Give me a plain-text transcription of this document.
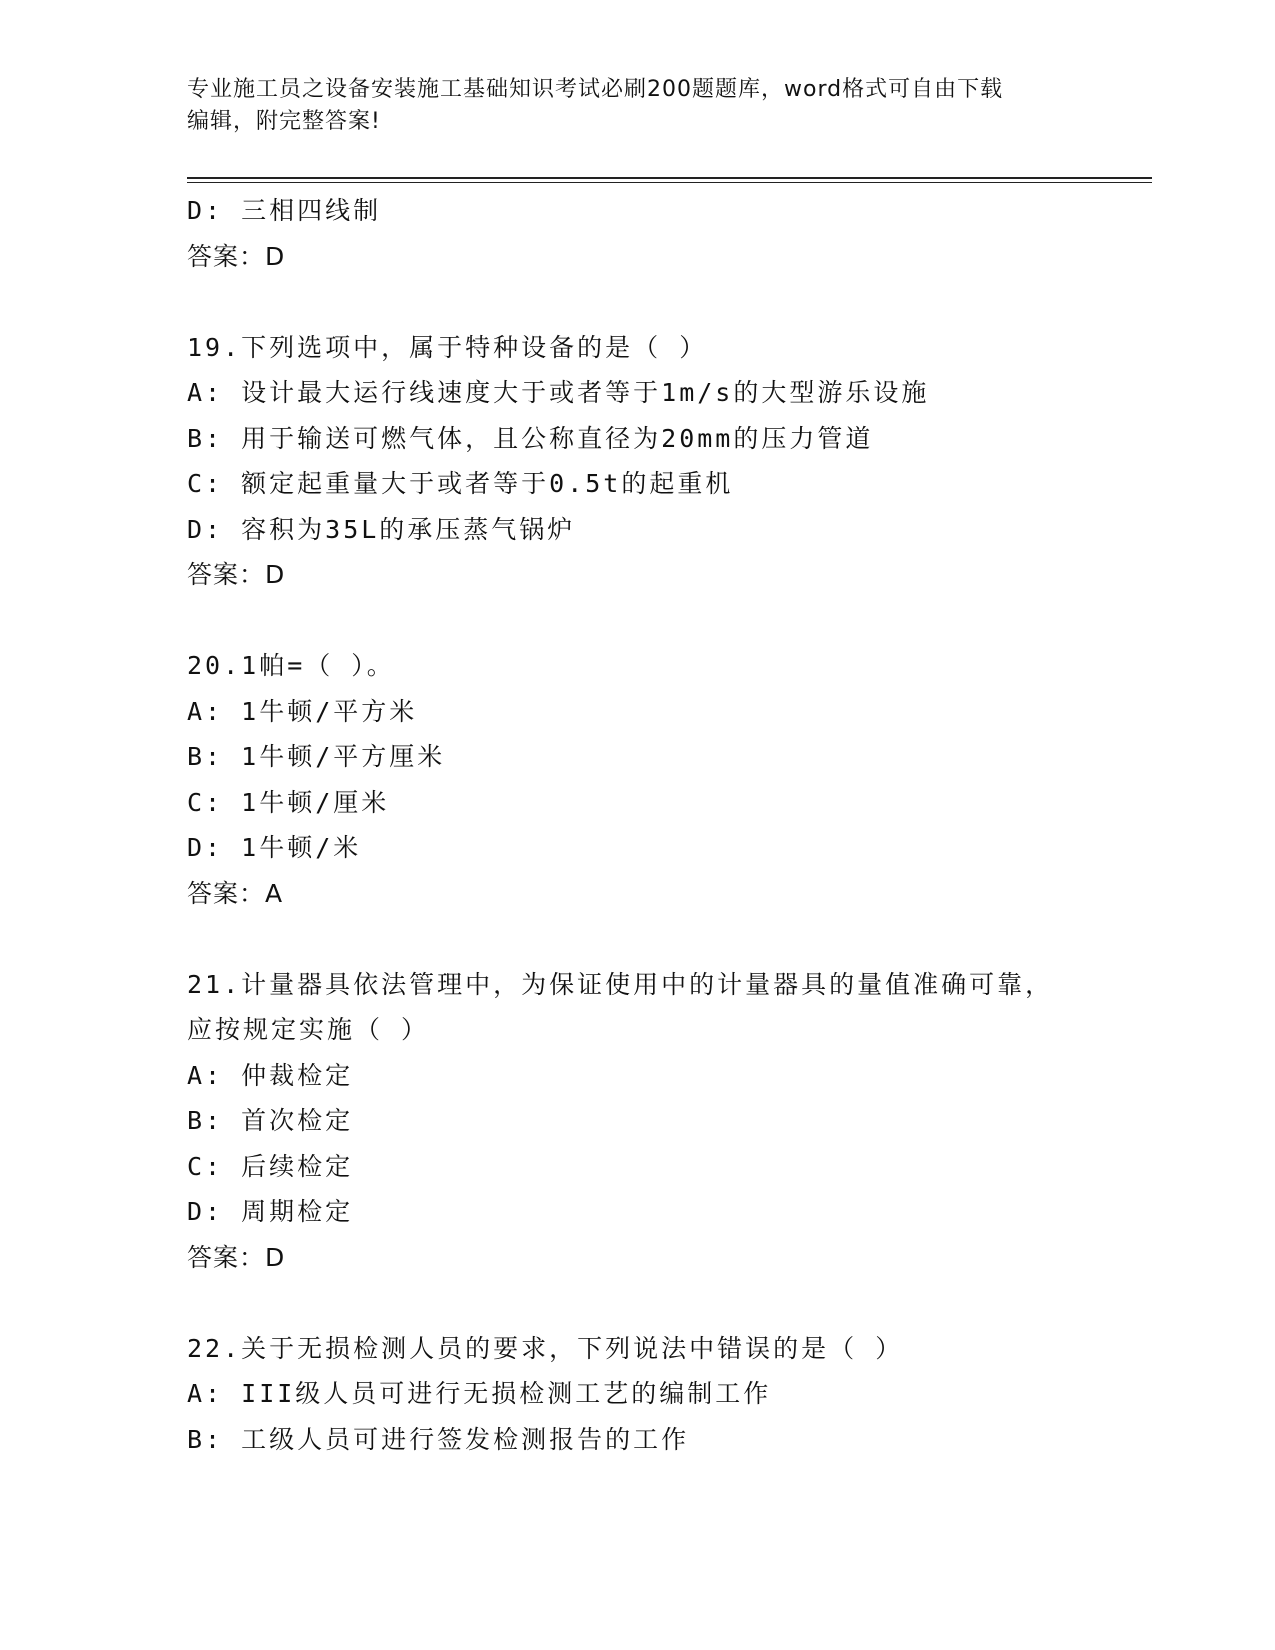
专业施工员之设备安装施工基础知识考试必刷200题题库，word格式可自由下载
编辑，附完整答案!
D: 三相四线制
答案：D
19.下列选项中，属于特种设备的是（ ）
A: 设计最大运行线速度大于或者等于1m/s的大型游乐设施
B: 用于输送可燃气体，且公称直径为20mm的压力管道
C: 额定起重量大于或者等于0.5t的起重机
D: 容积为35L的承压蒸气锅炉
答案：D
20.1帕=（ ）。
A: 1牛顿/平方米
B: 1牛顿/平方厘米
C: 1牛顿/厘米
D: 1牛顿/米
答案：A
21.计量器具依法管理中，为保证使用中的计量器具的量值准确可靠，
应按规定实施（ ）
A: 仲裁检定
B: 首次检定
C: 后续检定
D: 周期检定
答案：D
22.关于无损检测人员的要求，下列说法中错误的是（ ）
A: III级人员可进行无损检测工艺的编制工作
B: 工级人员可进行签发检测报告的工作
